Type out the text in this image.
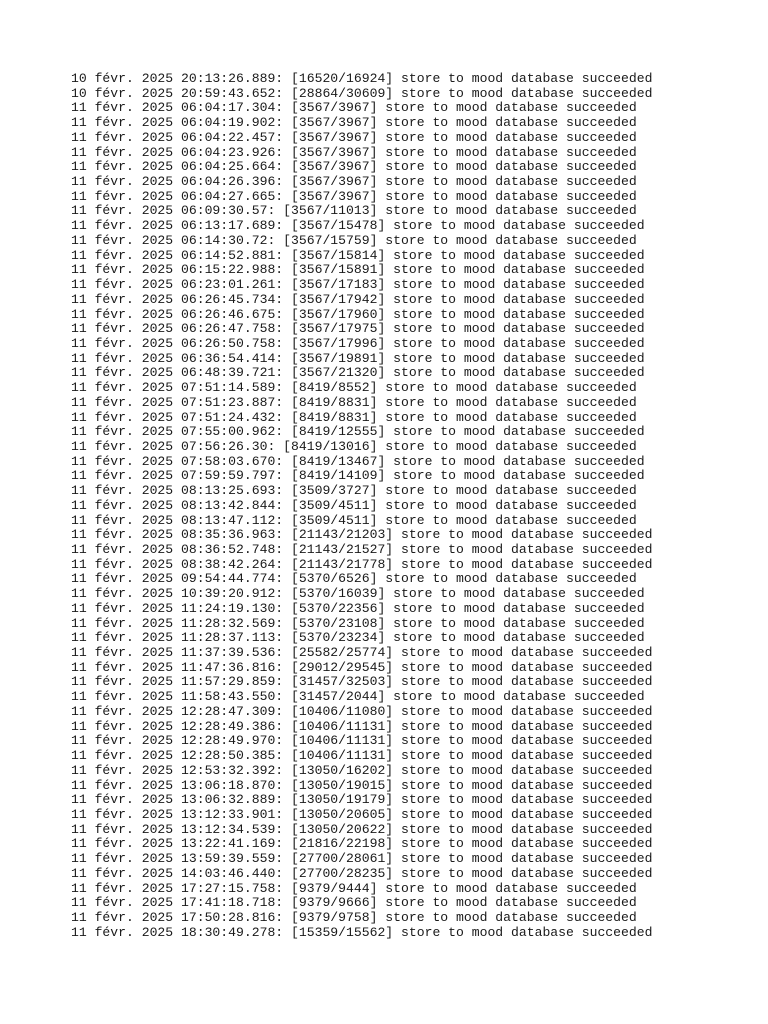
10 févr. 2025 20:13:26.889: [16520/16924] store to mood database succeeded
10 févr. 2025 20:59:43.652: [28864/30609] store to mood database succeeded
11 févr. 2025 06:04:17.304: [3567/3967] store to mood database succeeded
11 févr. 2025 06:04:19.902: [3567/3967] store to mood database succeeded
11 févr. 2025 06:04:22.457: [3567/3967] store to mood database succeeded
11 févr. 2025 06:04:23.926: [3567/3967] store to mood database succeeded
11 févr. 2025 06:04:25.664: [3567/3967] store to mood database succeeded
11 févr. 2025 06:04:26.396: [3567/3967] store to mood database succeeded
11 févr. 2025 06:04:27.665: [3567/3967] store to mood database succeeded
11 févr. 2025 06:09:30.57: [3567/11013] store to mood database succeeded
11 févr. 2025 06:13:17.689: [3567/15478] store to mood database succeeded
11 févr. 2025 06:14:30.72: [3567/15759] store to mood database succeeded
11 févr. 2025 06:14:52.881: [3567/15814] store to mood database succeeded
11 févr. 2025 06:15:22.988: [3567/15891] store to mood database succeeded
11 févr. 2025 06:23:01.261: [3567/17183] store to mood database succeeded
11 févr. 2025 06:26:45.734: [3567/17942] store to mood database succeeded
11 févr. 2025 06:26:46.675: [3567/17960] store to mood database succeeded
11 févr. 2025 06:26:47.758: [3567/17975] store to mood database succeeded
11 févr. 2025 06:26:50.758: [3567/17996] store to mood database succeeded
11 févr. 2025 06:36:54.414: [3567/19891] store to mood database succeeded
11 févr. 2025 06:48:39.721: [3567/21320] store to mood database succeeded
11 févr. 2025 07:51:14.589: [8419/8552] store to mood database succeeded
11 févr. 2025 07:51:23.887: [8419/8831] store to mood database succeeded
11 févr. 2025 07:51:24.432: [8419/8831] store to mood database succeeded
11 févr. 2025 07:55:00.962: [8419/12555] store to mood database succeeded
11 févr. 2025 07:56:26.30: [8419/13016] store to mood database succeeded
11 févr. 2025 07:58:03.670: [8419/13467] store to mood database succeeded
11 févr. 2025 07:59:59.797: [8419/14109] store to mood database succeeded
11 févr. 2025 08:13:25.693: [3509/3727] store to mood database succeeded
11 févr. 2025 08:13:42.844: [3509/4511] store to mood database succeeded
11 févr. 2025 08:13:47.112: [3509/4511] store to mood database succeeded
11 févr. 2025 08:35:36.963: [21143/21203] store to mood database succeeded
11 févr. 2025 08:36:52.748: [21143/21527] store to mood database succeeded
11 févr. 2025 08:38:42.264: [21143/21778] store to mood database succeeded
11 févr. 2025 09:54:44.774: [5370/6526] store to mood database succeeded
11 févr. 2025 10:39:20.912: [5370/16039] store to mood database succeeded
11 févr. 2025 11:24:19.130: [5370/22356] store to mood database succeeded
11 févr. 2025 11:28:32.569: [5370/23108] store to mood database succeeded
11 févr. 2025 11:28:37.113: [5370/23234] store to mood database succeeded
11 févr. 2025 11:37:39.536: [25582/25774] store to mood database succeeded
11 févr. 2025 11:47:36.816: [29012/29545] store to mood database succeeded
11 févr. 2025 11:57:29.859: [31457/32503] store to mood database succeeded
11 févr. 2025 11:58:43.550: [31457/2044] store to mood database succeeded
11 févr. 2025 12:28:47.309: [10406/11080] store to mood database succeeded
11 févr. 2025 12:28:49.386: [10406/11131] store to mood database succeeded
11 févr. 2025 12:28:49.970: [10406/11131] store to mood database succeeded
11 févr. 2025 12:28:50.385: [10406/11131] store to mood database succeeded
11 févr. 2025 12:53:32.392: [13050/16202] store to mood database succeeded
11 févr. 2025 13:06:18.870: [13050/19015] store to mood database succeeded
11 févr. 2025 13:06:32.889: [13050/19179] store to mood database succeeded
11 févr. 2025 13:12:33.901: [13050/20605] store to mood database succeeded
11 févr. 2025 13:12:34.539: [13050/20622] store to mood database succeeded
11 févr. 2025 13:22:41.169: [21816/22198] store to mood database succeeded
11 févr. 2025 13:59:39.559: [27700/28061] store to mood database succeeded
11 févr. 2025 14:03:46.440: [27700/28235] store to mood database succeeded
11 févr. 2025 17:27:15.758: [9379/9444] store to mood database succeeded
11 févr. 2025 17:41:18.718: [9379/9666] store to mood database succeeded
11 févr. 2025 17:50:28.816: [9379/9758] store to mood database succeeded
11 févr. 2025 18:30:49.278: [15359/15562] store to mood database succeeded
